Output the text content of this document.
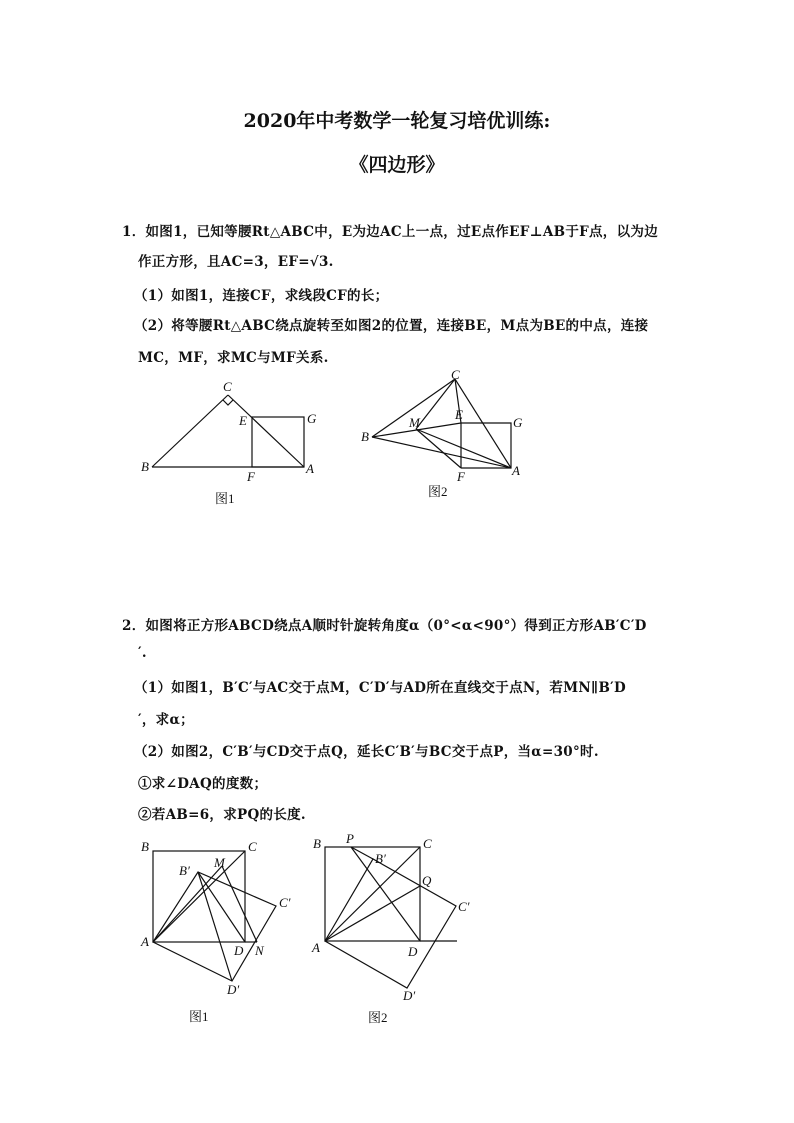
2020年中考数学一轮复习培优训练:
《四边形》
1．如图1，已知等腰Rt△ABC中，E为边AC上一点，过E点作EF⊥AB于F点，以为边
作正方形，且AC=3，EF=√3.
（1）如图1，连接CF，求线段CF的长；
（2）将等腰Rt△ABC绕点旋转至如图2的位置，连接BE，M点为BE的中点，连接
MC，MF，求MC与MF关系.
C
E	G
B
F
A
图1
C
M
E
G
B
F	A
图2
2．如图将正方形ABCD绕点A顺时针旋转角度α（0°<α<90°）得到正方形AB′C′D
′.
（1）如图1，B′C′与AC交于点M，C′D′与AD所在直线交于点N，若MN∥B′D
′，求α；
（2）如图2，C′B′与CD交于点Q，延长C′B′与BC交于点P，当α=30°时.
①求∠DAQ的度数；
②若AB=6，求PQ的长度.
B	C
B′
M
C′
A
D N
D′
图1
B P	C
B′
Q
C′
A	D
D′
图2
